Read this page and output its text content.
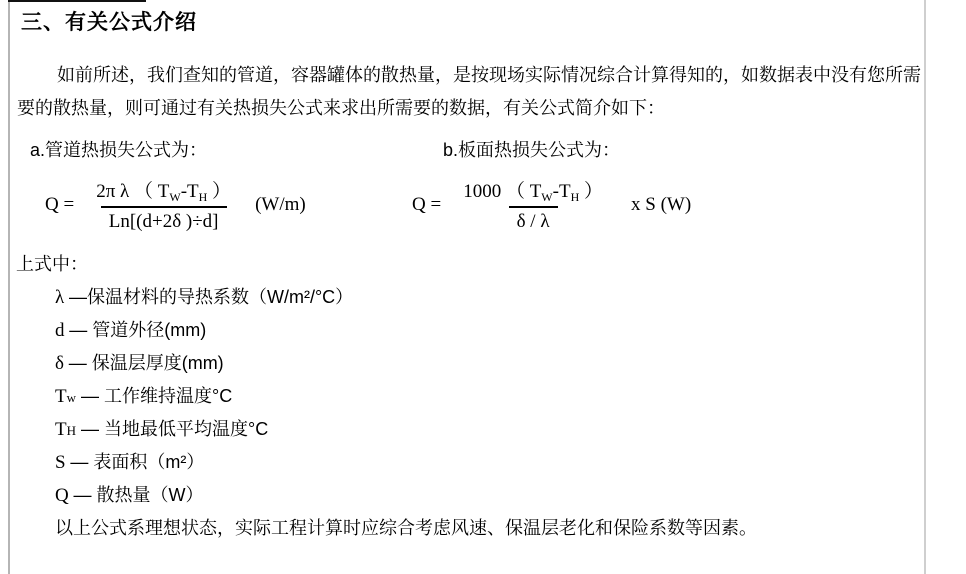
三、有关公式介绍
如前所述，我们查知的管道，容器罐体的散热量，是按现场实际情况综合计算得知的，如数据表中没有您所需
要的散热量，则可通过有关热损失公式来求出所需要的数据，有关公式简介如下：
a.管道热损失公式为：	b.板面热损失公式为：
$Q = \frac{2\pi \lambda ( T_W-T_H )}{Ln[(d+2\delta )\div d]} (W/m)$	$Q = \frac{1000 ( T_W-T_H )}{\delta / \lambda}$ x S (W)
上式中：
λ —保温材料的导热系数（W/m²/°C）
d — 管道外径(mm)
δ — 保温层厚度(mm)
Tw — 工作维持温度°C
TH — 当地最低平均温度°C
S — 表面积（m²）
Q — 散热量（W）
以上公式系理想状态，实际工程计算时应综合考虑风速、保温层老化和保险系数等因素。
